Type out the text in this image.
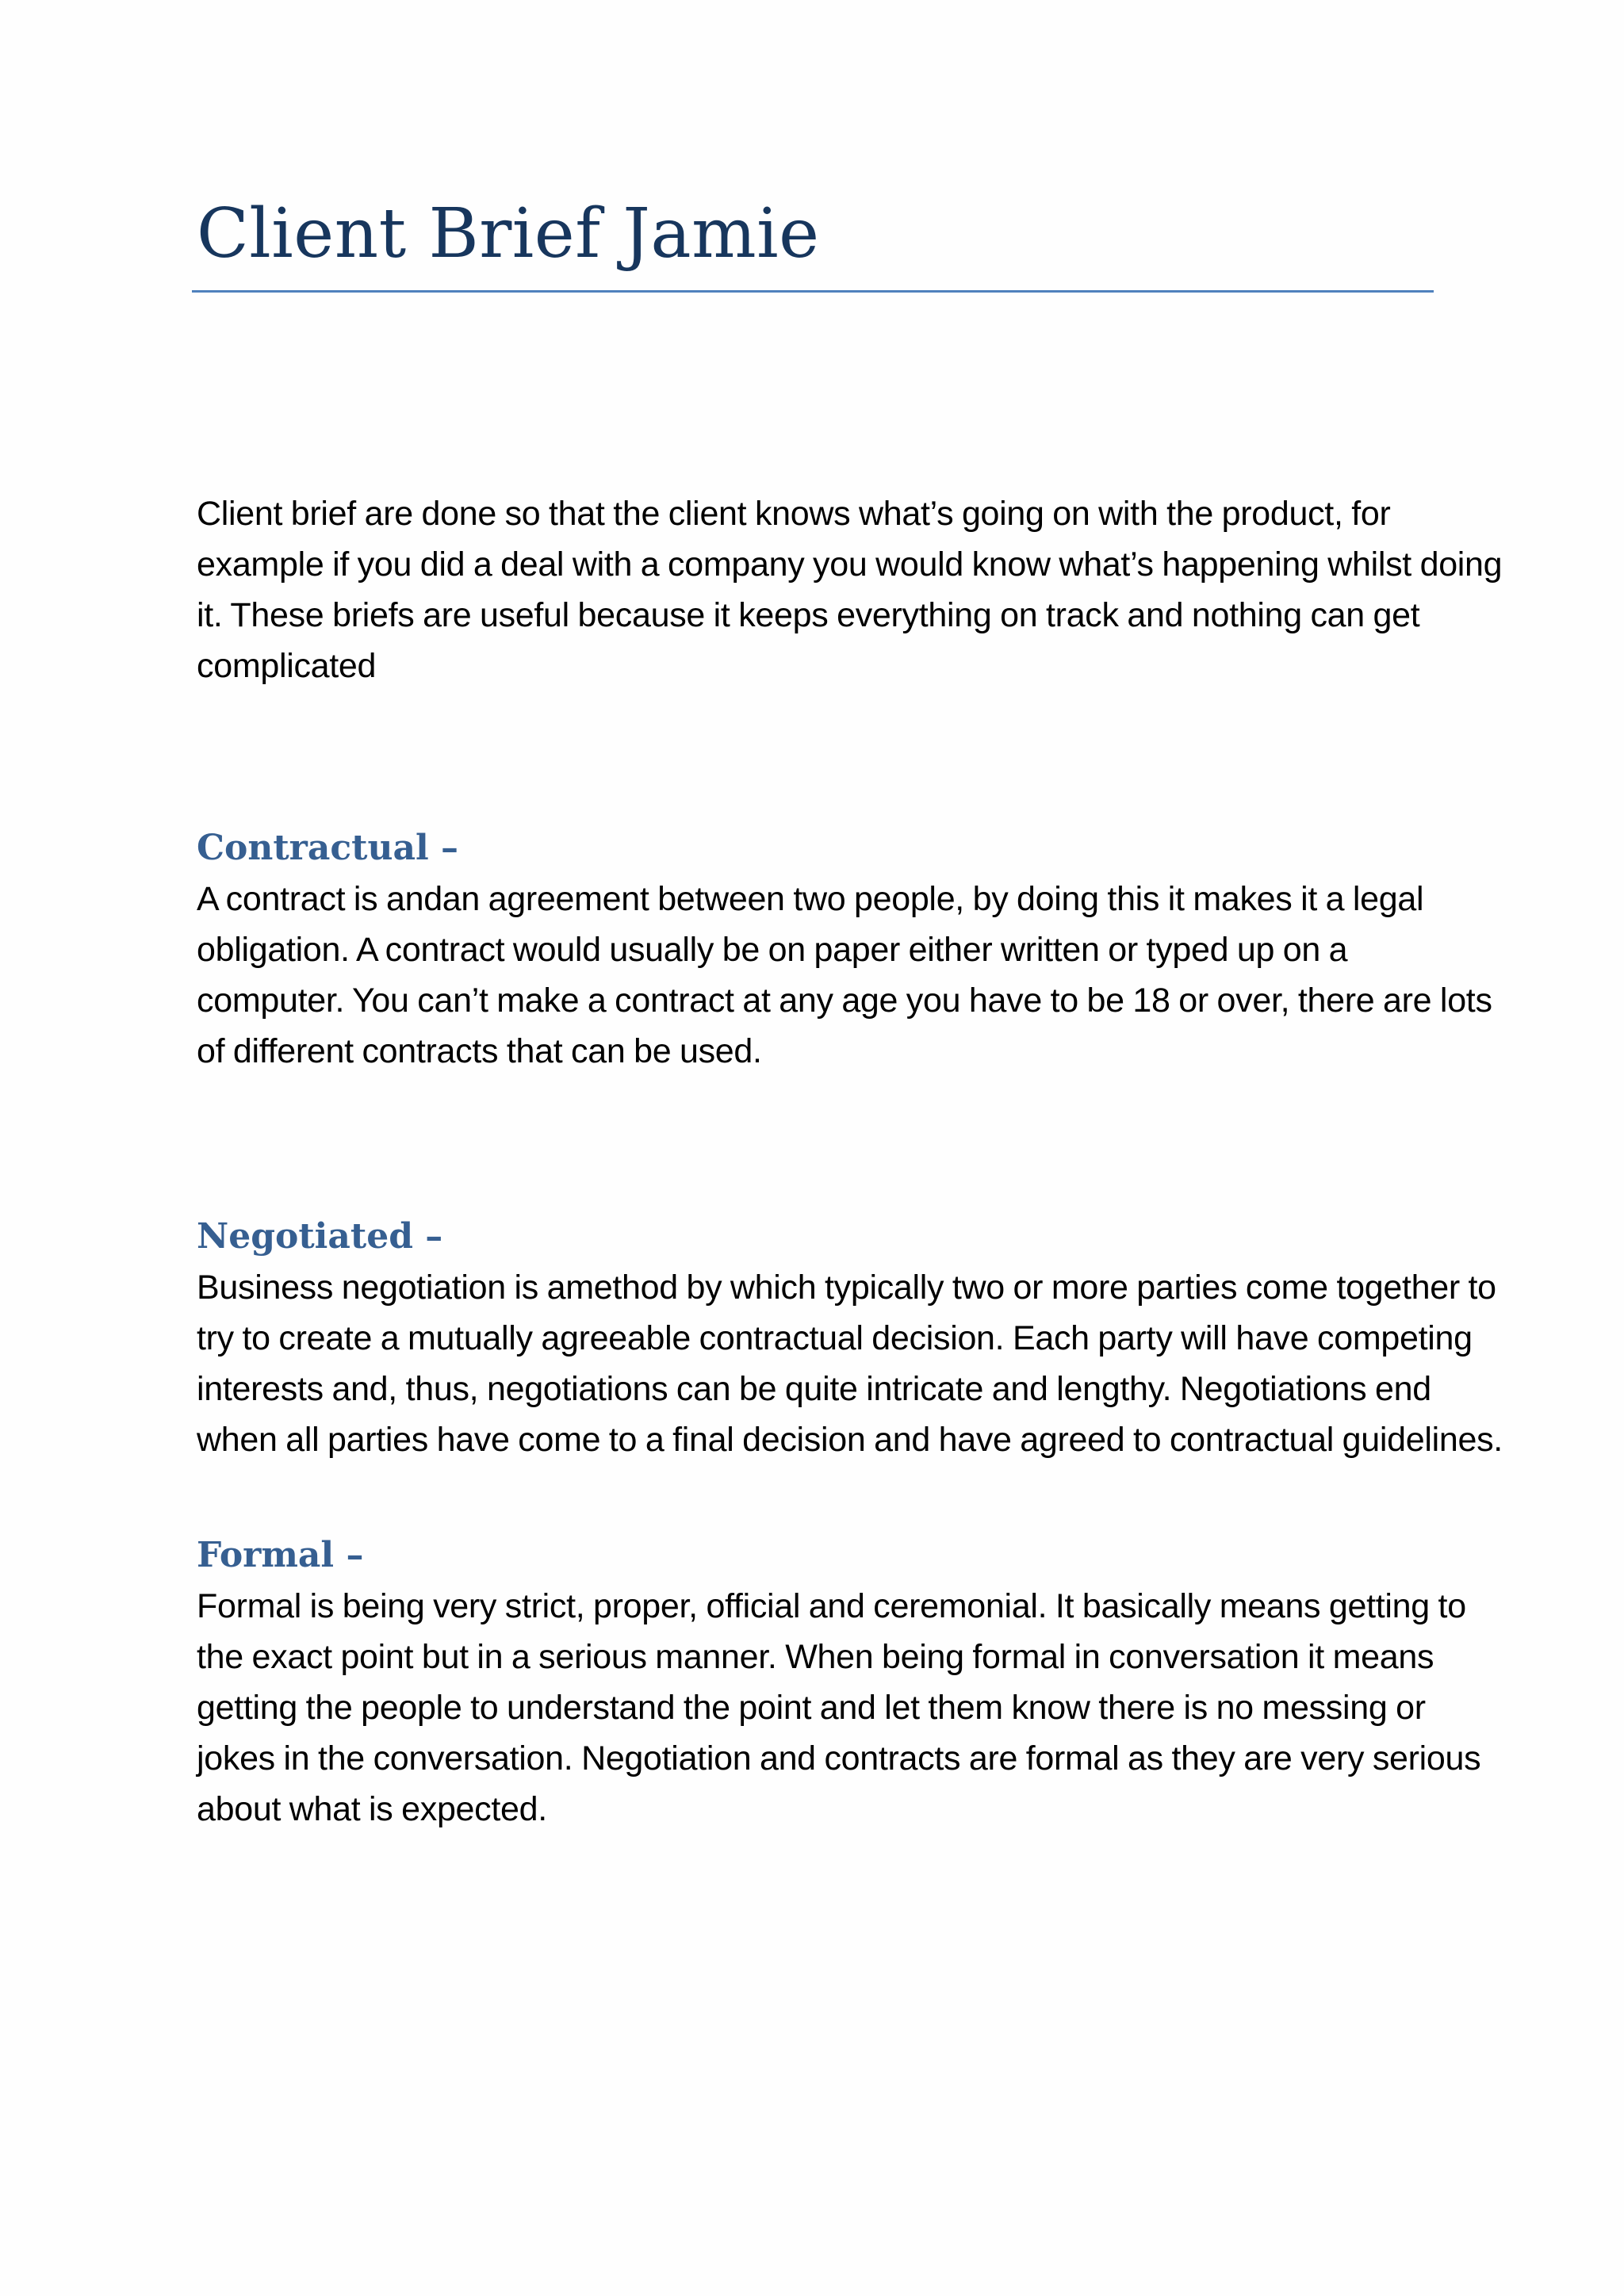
Client Brief Jamie

Client brief are done so that the client knows what’s going on with the product, for
example if you did a deal with a company you would know what’s happening whilst doing
it. These briefs are useful because it keeps everything on track and nothing can get
complicated

Contractual –

A contract is andan agreement between two people, by doing this it makes it a legal
obligation. A contract would usually be on paper either written or typed up on a
computer. You can’t make a contract at any age you have to be 18 or over, there are lots
of different contracts that can be used.

Negotiated –

Business negotiation is amethod by which typically two or more parties come together to
try to create a mutually agreeable contractual decision. Each party will have competing
interests and, thus, negotiations can be quite intricate and lengthy. Negotiations end
when all parties have come to a final decision and have agreed to contractual guidelines.

Formal –

Formal is being very strict, proper, official and ceremonial. It basically means getting to
the exact point but in a serious manner. When being formal in conversation it means
getting the people to understand the point and let them know there is no messing or
jokes in the conversation. Negotiation and contracts are formal as they are very serious
about what is expected.
